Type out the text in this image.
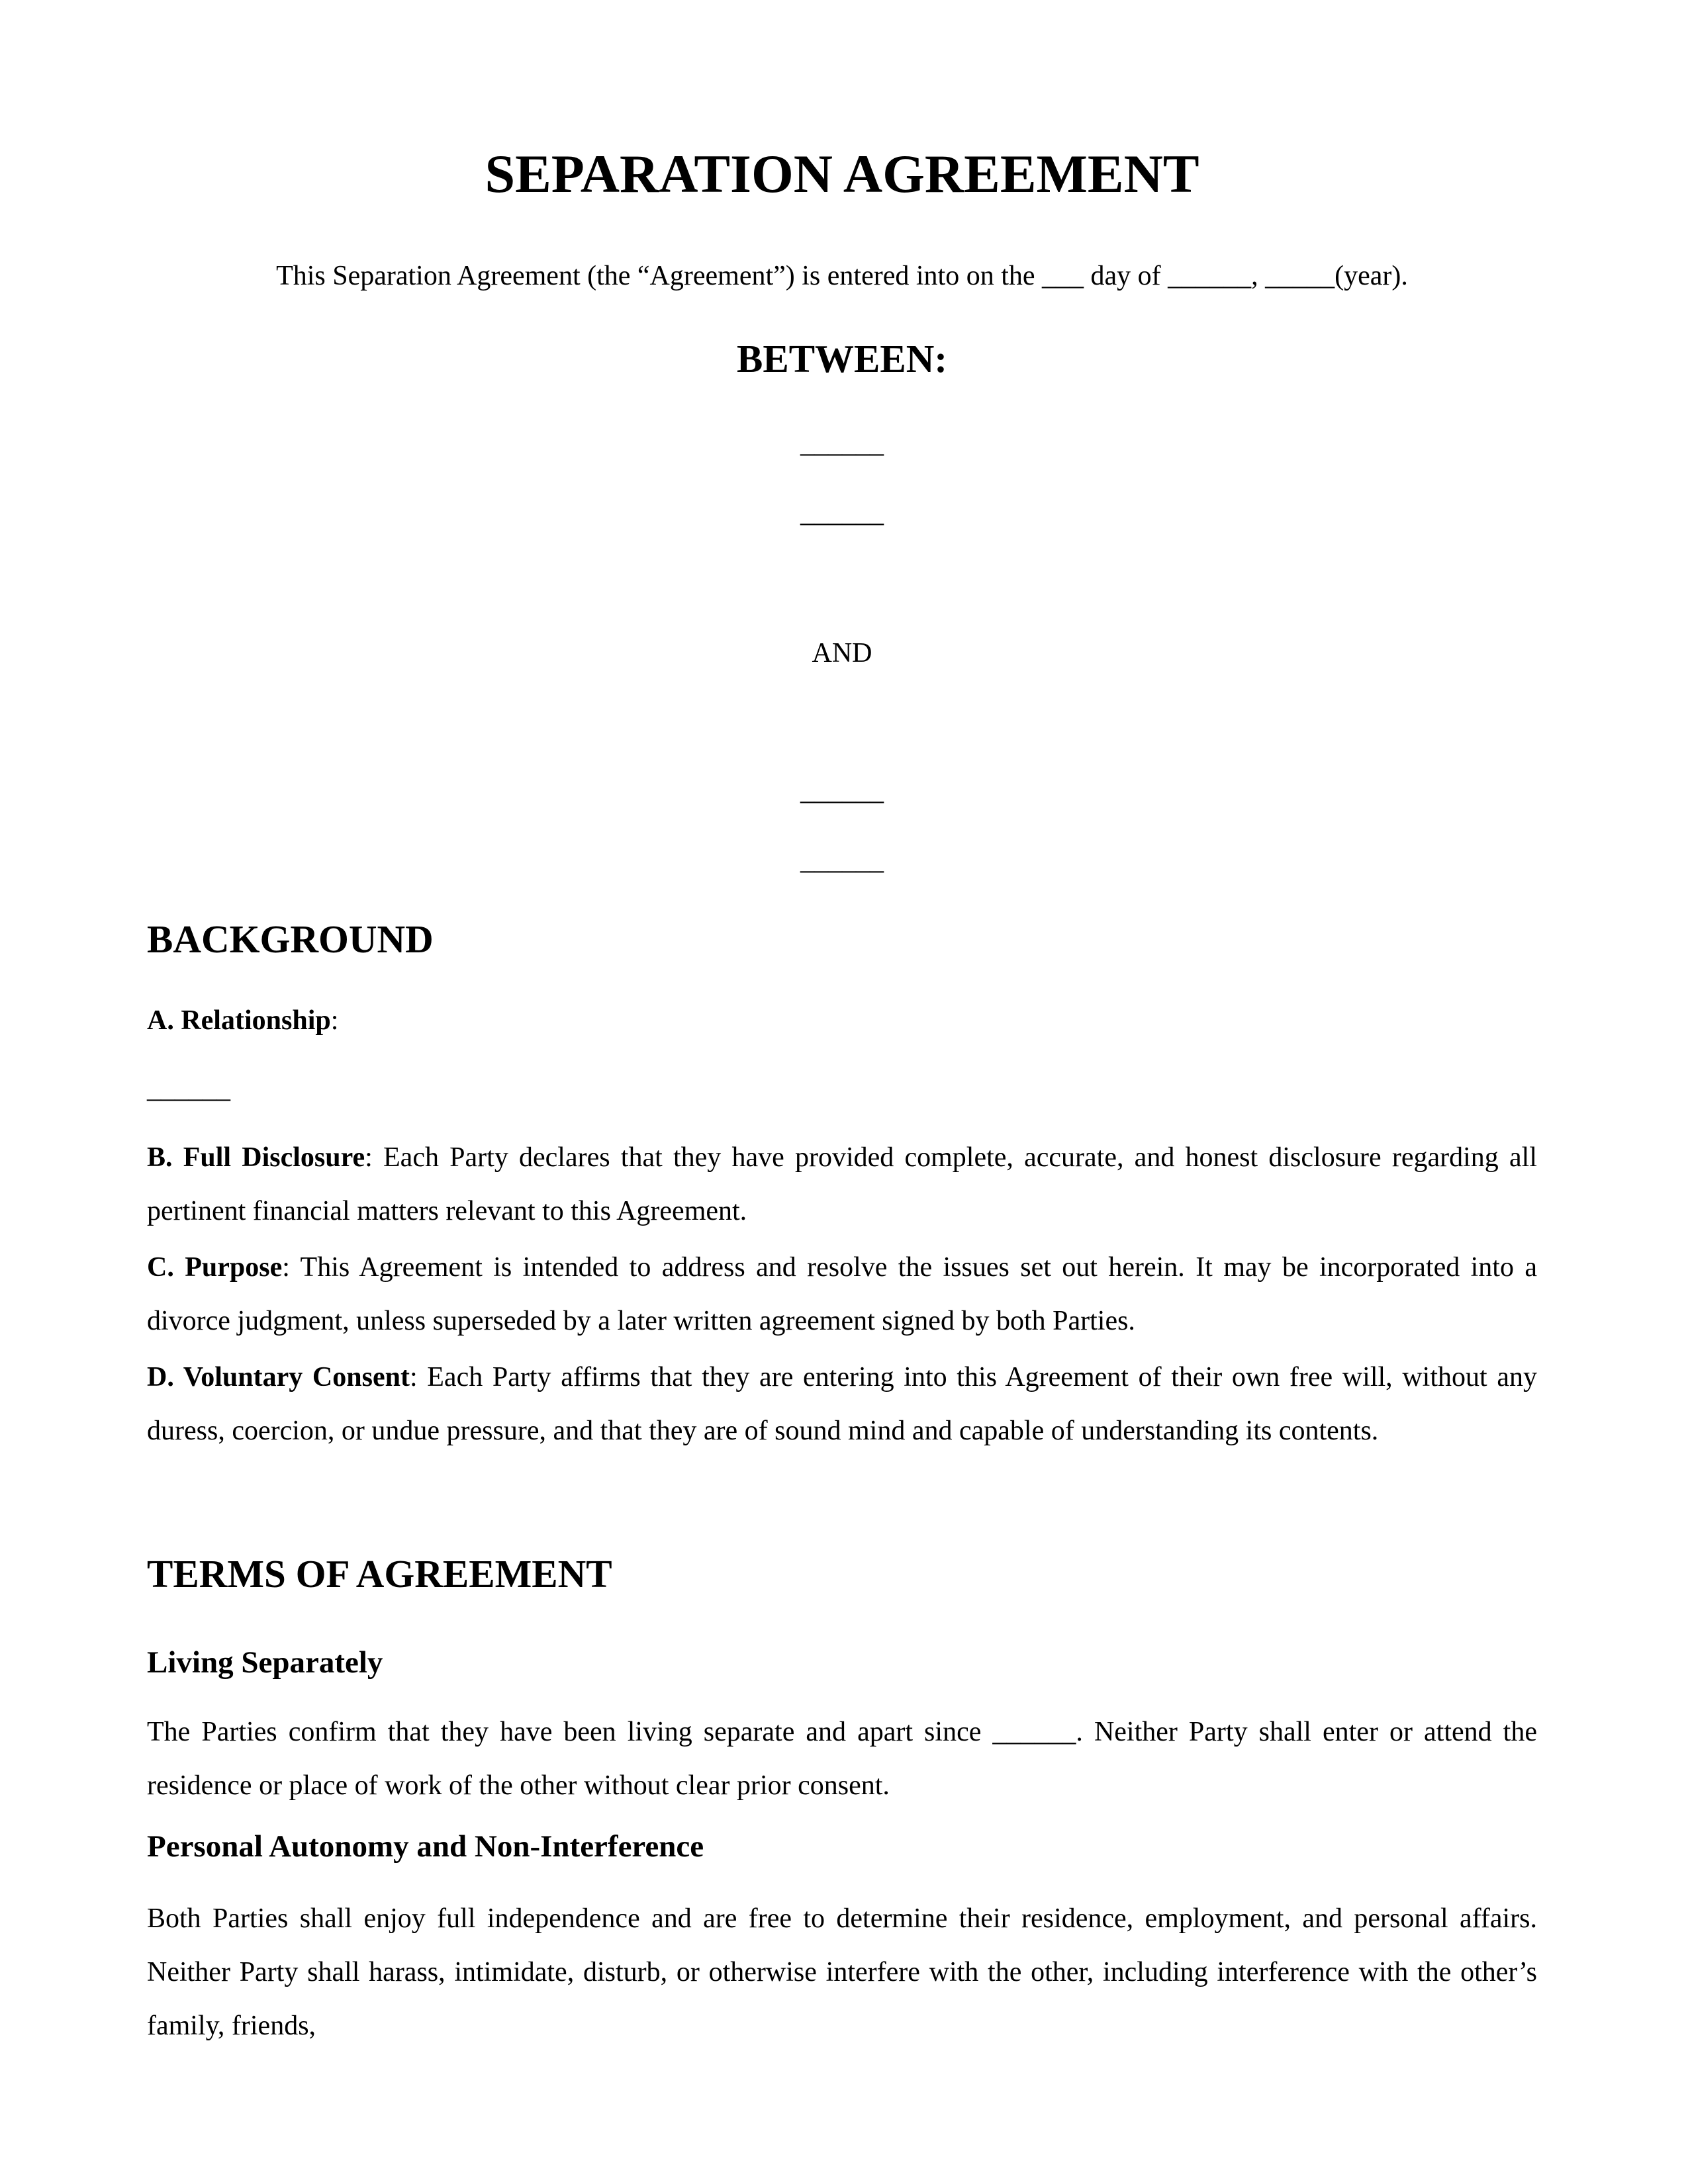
SEPARATION AGREEMENT

This Separation Agreement (the “Agreement”) is entered into on the ___ day of ______, _____(year).

BETWEEN:

______

______

AND

______

______

BACKGROUND

A. Relationship:

______

B. Full Disclosure: Each Party declares that they have provided complete, accurate, and honest disclosure regarding all pertinent financial matters relevant to this Agreement.

C. Purpose: This Agreement is intended to address and resolve the issues set out herein. It may be incorporated into a divorce judgment, unless superseded by a later written agreement signed by both Parties.

D. Voluntary Consent: Each Party affirms that they are entering into this Agreement of their own free will, without any duress, coercion, or undue pressure, and that they are of sound mind and capable of understanding its contents.

TERMS OF AGREEMENT
Living Separately

The Parties confirm that they have been living separate and apart since ______. Neither Party shall enter or attend the residence or place of work of the other without clear prior consent.

Personal Autonomy and Non-Interference

Both Parties shall enjoy full independence and are free to determine their residence, employment, and personal affairs. Neither Party shall harass, intimidate, disturb, or otherwise interfere with the other, including interference with the other’s family, friends,
